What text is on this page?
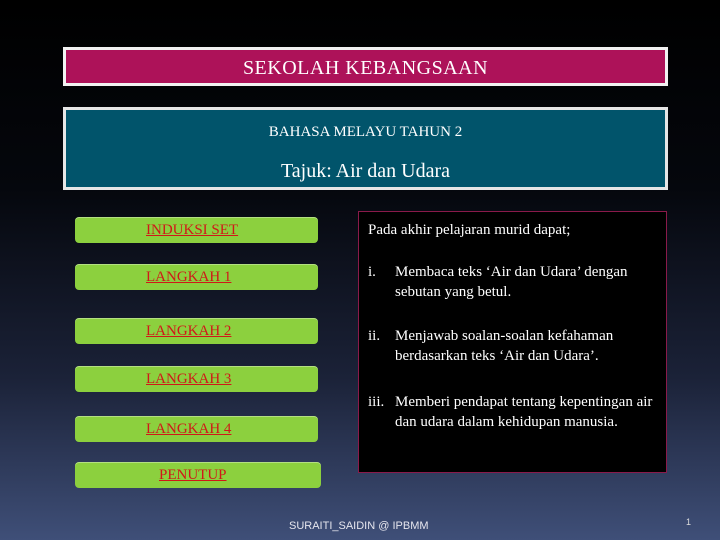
SEKOLAH KEBANGSAAN
BAHASA MELAYU TAHUN 2
Tajuk: Air dan Udara
INDUKSI SET
LANGKAH 1
LANGKAH 2
LANGKAH 3
LANGKAH 4
PENUTUP
Pada akhir pelajaran murid dapat;
i. Membaca teks ‘Air dan Udara’ dengan sebutan yang betul.
ii. Menjawab soalan-soalan kefahaman berdasarkan teks ‘Air dan Udara’.
iii. Memberi pendapat tentang kepentingan air dan udara dalam kehidupan manusia.
SURAITI_SAIDIN @ IPBMM	1
